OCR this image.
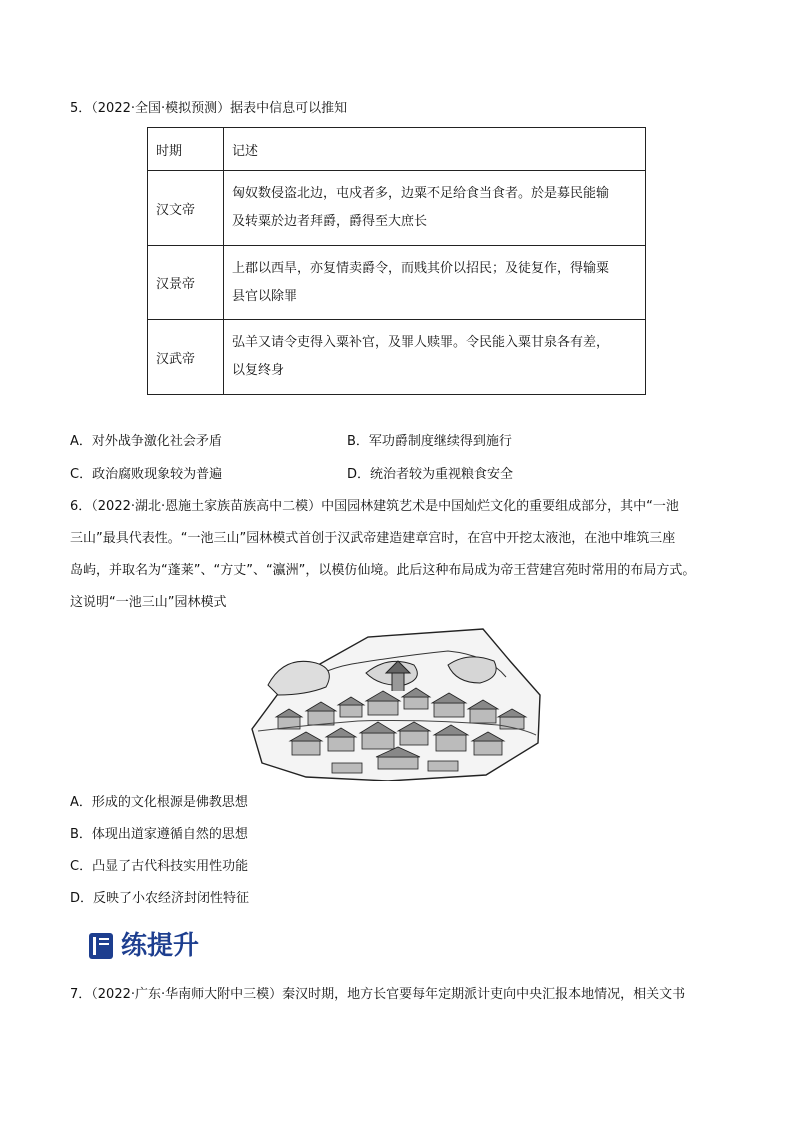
5．（2022·全国·模拟预测）据表中信息可以推知
时期	记述
汉文帝	匈奴数侵盗北边，屯戍者多，边粟不足给食当食者。於是募民能输
及转粟於边者拜爵，爵得至大庶长

汉景帝	上郡以西旱，亦复情卖爵令，而贱其价以招民；及徒复作，得输粟
县官以除罪

汉武帝	弘羊又请令吏得入粟补官，及罪人赎罪。令民能入粟甘泉各有差，
以复终身
A．对外战争激化社会矛盾	B．军功爵制度继续得到施行
C．政治腐败现象较为普遍	D．统治者较为重视粮食安全
6．（2022·湖北·恩施土家族苗族高中二模）中国园林建筑艺术是中国灿烂文化的重要组成部分，其中“一池
三山”最具代表性。“一池三山”园林模式首创于汉武帝建造建章宫时，在宫中开挖太液池，在池中堆筑三座
岛屿，并取名为“蓬莱”、“方丈”、“瀛洲”，以模仿仙境。此后这种布局成为帝王营建宫苑时常用的布局方式。
这说明“一池三山”园林模式
A．形成的文化根源是佛教思想
B．体现出道家遵循自然的思想
C．凸显了古代科技实用性功能
D．反映了小农经济封闭性特征
练提升
7．（2022·广东·华南师大附中三模）秦汉时期，地方长官要每年定期派计吏向中央汇报本地情况，相关文书
